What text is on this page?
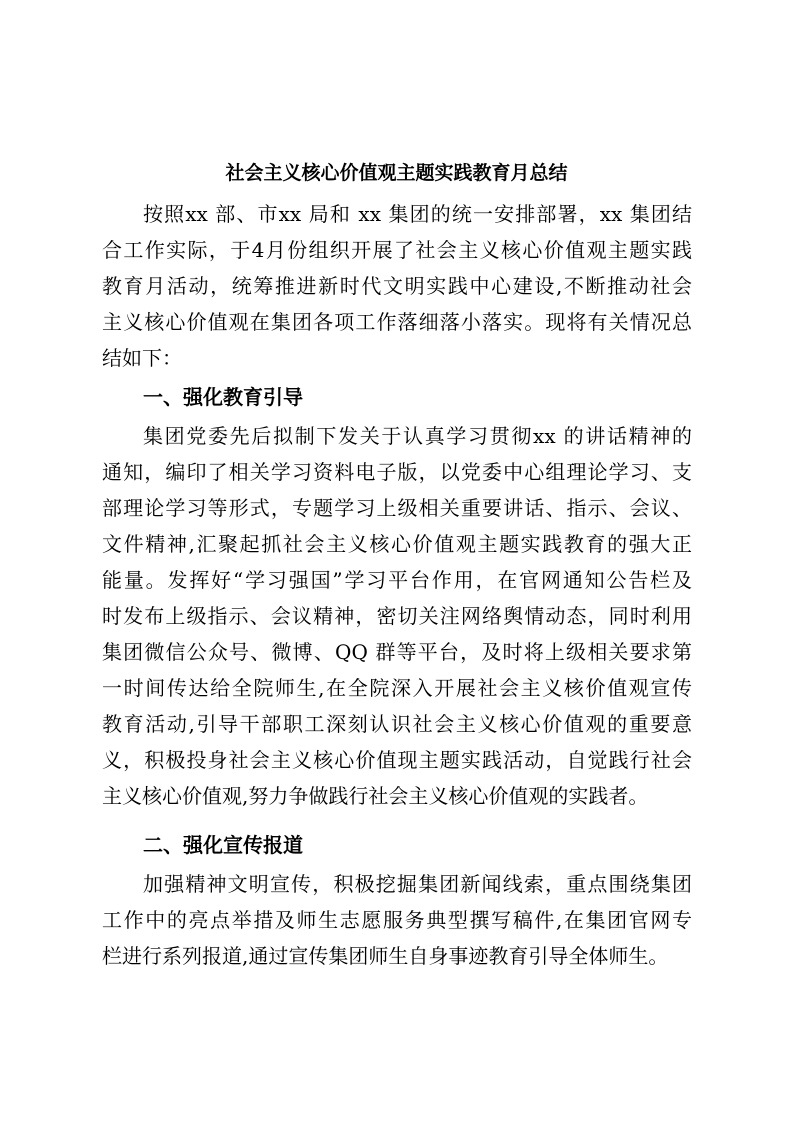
社会主义核心价值观主题实践教育月总结
按照xx 部、市xx 局和 xx 集团的统一安排部署，xx 集团结
合工作实际，于4月份组织开展了社会主义核心价值观主题实践
教育月活动，统筹推进新时代文明实践中心建设,不断推动社会
主义核心价值观在集团各项工作落细落小落实。现将有关情况总
结如下：
一、强化教育引导
集团党委先后拟制下发关于认真学习贯彻xx 的讲话精神的
通知，编印了相关学习资料电子版，以党委中心组理论学习、支
部理论学习等形式，专题学习上级相关重要讲话、指示、会议、
文件精神,汇聚起抓社会主义核心价值观主题实践教育的强大正
能量。发挥好“学习强国”学习平台作用，在官网通知公告栏及
时发布上级指示、会议精神，密切关注网络舆情动态，同时利用
集团微信公众号、微博、QQ 群等平台，及时将上级相关要求第
一时间传达给全院师生,在全院深入开展社会主义核价值观宣传
教育活动,引导干部职工深刻认识社会主义核心价值观的重要意
义，积极投身社会主义核心价值现主题实践活动，自觉践行社会
主义核心价值观,努力争做践行社会主义核心价值观的实践者。
二、强化宣传报道
加强精神文明宣传，积极挖掘集团新闻线索，重点围绕集团
工作中的亮点举措及师生志愿服务典型撰写稿件,在集团官网专
栏进行系列报道,通过宣传集团师生自身事迹教育引导全体师生。
